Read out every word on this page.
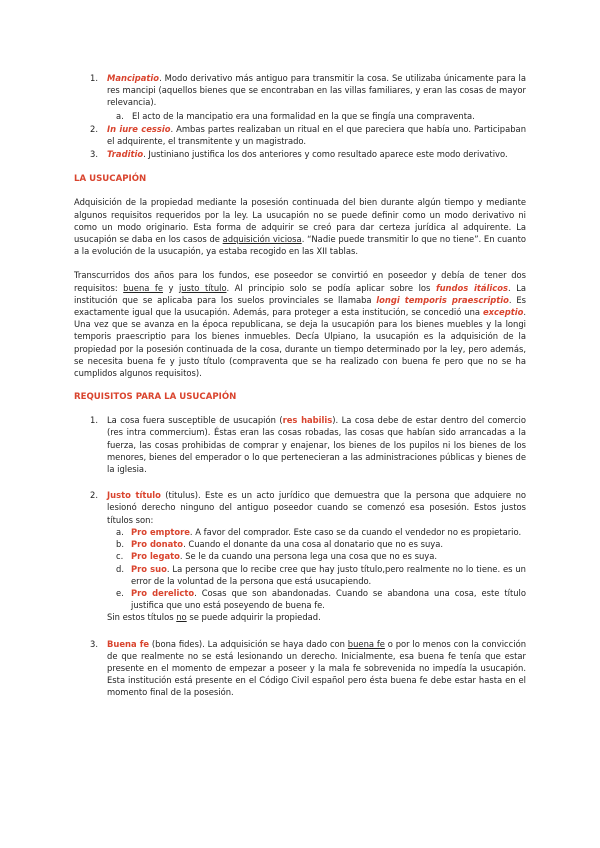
1. Mancipatio. Modo derivativo más antiguo para transmitir la cosa. Se utilizaba únicamente para la res mancipi (aquellos bienes que se encontraban en las villas familiares, y eran las cosas de mayor relevancia).
a. El acto de la mancipatio era una formalidad en la que se fingía una compraventa.
2. In iure cessio. Ambas partes realizaban un ritual en el que pareciera que había uno. Participaban el adquirente, el transmitente y un magistrado.
3. Traditio. Justiniano justifica los dos anteriores y como resultado aparece este modo derivativo.

LA USUCAPIÓN

Adquisición de la propiedad mediante la posesión continuada del bien durante algún tiempo y mediante algunos requisitos requeridos por la ley. La usucapión no se puede definir como un modo derivativo ni como un modo originario. Esta forma de adquirir se creó para dar certeza jurídica al adquirente. La usucapión se daba en los casos de adquisición viciosa. “Nadie puede transmitir lo que no tiene”. En cuanto a la evolución de la usucapión, ya estaba recogido en las XII tablas.

Transcurridos dos años para los fundos, ese poseedor se convirtió en poseedor y debía de tener dos requisitos: buena fe y justo título. Al principio solo se podía aplicar sobre los fundos itálicos. La institución que se aplicaba para los suelos provinciales se llamaba longi temporis praescriptio. Es exactamente igual que la usucapión. Además, para proteger a esta institución, se concedió una exceptio. Una vez que se avanza en la época republicana, se deja la usucapión para los bienes muebles y la longi temporis praescriptio para los bienes inmuebles. Decía Ulpiano, la usucapión es la adquisición de la propiedad por la posesión continuada de la cosa, durante un tiempo determinado por la ley, pero además, se necesita buena fe y justo título (compraventa que se ha realizado con buena fe pero que no se ha cumplidos algunos requisitos).

REQUISITOS PARA LA USUCAPIÓN

1. La cosa fuera susceptible de usucapión (res habilis). La cosa debe de estar dentro del comercio (res intra commercium). Éstas eran las cosas robadas, las cosas que habían sido arrancadas a la fuerza, las cosas prohibidas de comprar y enajenar, los bienes de los pupilos ni los bienes de los menores, bienes del emperador o lo que pertenecieran a las administraciones públicas y bienes de la iglesia.
2. Justo título (titulus). Este es un acto jurídico que demuestra que la persona que adquiere no lesionó derecho ninguno del antiguo poseedor cuando se comenzó esa posesión. Estos justos títulos son:
a. Pro emptore. A favor del comprador. Este caso se da cuando el vendedor no es propietario.
b. Pro donato. Cuando el donante da una cosa al donatario que no es suya.
c. Pro legato. Se le da cuando una persona lega una cosa que no es suya.
d. Pro suo. La persona que lo recibe cree que hay justo título,pero realmente no lo tiene. es un error de la voluntad de la persona que está usucapiendo.
e. Pro derelicto. Cosas que son abandonadas. Cuando se abandona una cosa, este título justifica que uno está poseyendo de buena fe.

Sin estos títulos no se puede adquirir la propiedad.

3. Buena fe (bona fides). La adquisición se haya dado con buena fe o por lo menos con la convicción de que realmente no se está lesionando un derecho. Inicialmente, esa buena fe tenía que estar presente en el momento de empezar a poseer y la mala fe sobrevenida no impedía la usucapión. Esta institución está presente en el Código Civil español pero ésta buena fe debe estar hasta en el momento final de la posesión.
